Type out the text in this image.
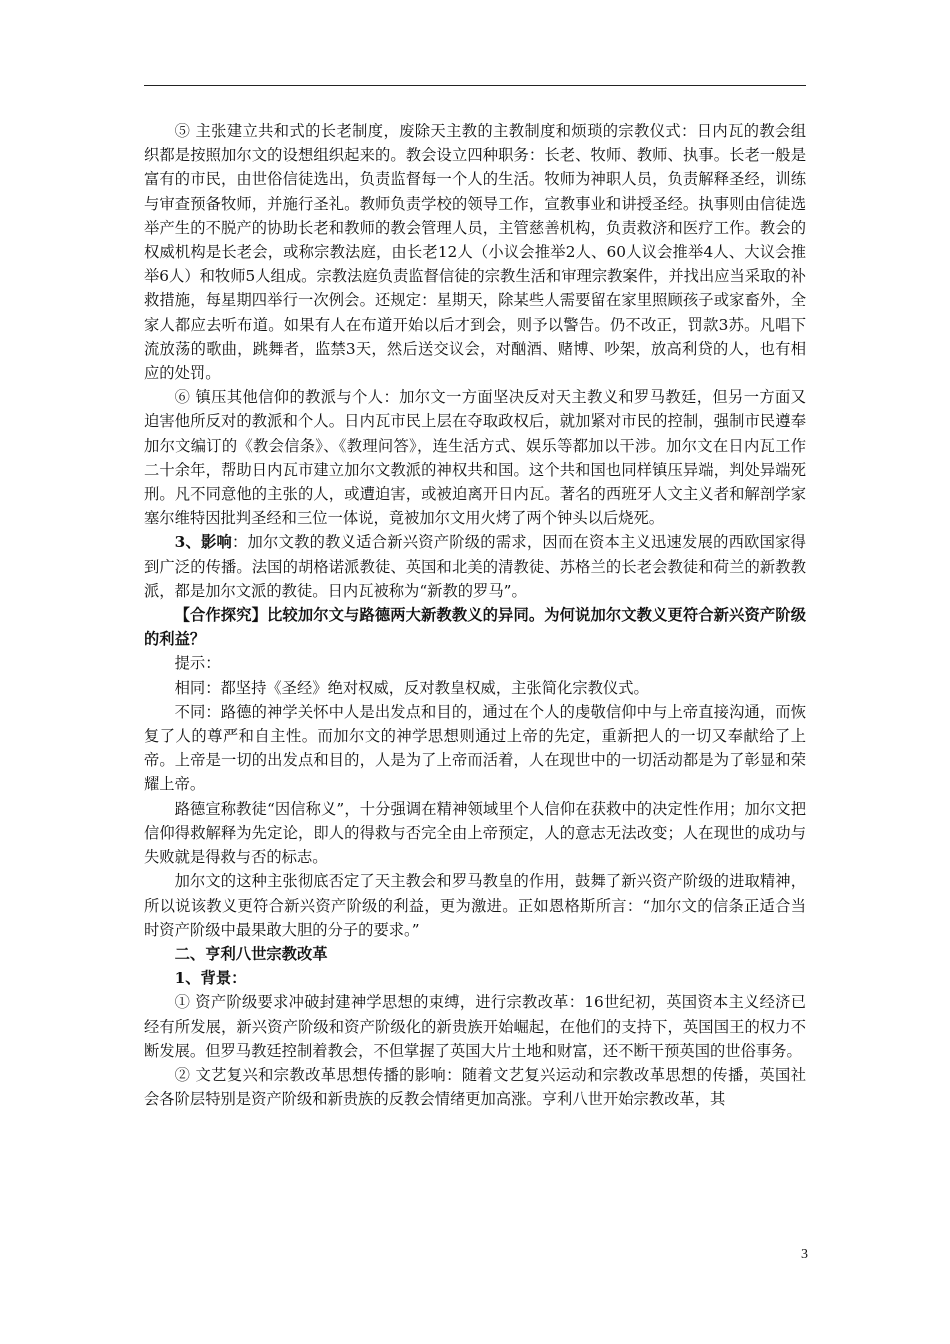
⑤ 主张建立共和式的长老制度，废除天主教的主教制度和烦琐的宗教仪式：日内瓦的教会组织都是按照加尔文的设想组织起来的。教会设立四种职务：长老、牧师、教师、执事。长老一般是富有的市民，由世俗信徒选出，负责监督每一个人的生活。牧师为神职人员，负责解释圣经，训练与审查预备牧师，并施行圣礼。教师负责学校的领导工作，宣教事业和讲授圣经。执事则由信徒选举产生的不脱产的协助长老和教师的教会管理人员，主管慈善机构，负责救济和医疗工作。教会的权威机构是长老会，或称宗教法庭，由长老12人（小议会推举2人、60人议会推举4人、大议会推举6人）和牧师5人组成。宗教法庭负责监督信徒的宗教生活和审理宗教案件，并找出应当采取的补救措施，每星期四举行一次例会。还规定：星期天，除某些人需要留在家里照顾孩子或家畜外，全家人都应去听布道。如果有人在布道开始以后才到会，则予以警告。仍不改正，罚款3苏。凡唱下流放荡的歌曲，跳舞者，监禁3天，然后送交议会，对酗酒、赌博、吵架，放高利贷的人，也有相应的处罚。

⑥ 镇压其他信仰的教派与个人：加尔文一方面坚决反对天主教义和罗马教廷，但另一方面又迫害他所反对的教派和个人。日内瓦市民上层在夺取政权后，就加紧对市民的控制，强制市民遵奉加尔文编订的《教会信条》、《教理问答》，连生活方式、娱乐等都加以干涉。加尔文在日内瓦工作二十余年，帮助日内瓦市建立加尔文教派的神权共和国。这个共和国也同样镇压异端，判处异端死刑。凡不同意他的主张的人，或遭迫害，或被迫离开日内瓦。著名的西班牙人文主义者和解剖学家塞尔维特因批判圣经和三位一体说，竟被加尔文用火烤了两个钟头以后烧死。

3、影响：加尔文教的教义适合新兴资产阶级的需求，因而在资本主义迅速发展的西欧国家得到广泛的传播。法国的胡格诺派教徒、英国和北美的清教徒、苏格兰的长老会教徒和荷兰的新教教派，都是加尔文派的教徒。日内瓦被称为“新教的罗马”。

【合作探究】比较加尔文与路德两大新教教义的异同。为何说加尔文教义更符合新兴资产阶级的利益？

提示：

相同：都坚持《圣经》绝对权威，反对教皇权威，主张简化宗教仪式。

不同：路德的神学关怀中人是出发点和目的，通过在个人的虔敬信仰中与上帝直接沟通，而恢复了人的尊严和自主性。而加尔文的神学思想则通过上帝的先定，重新把人的一切又奉献给了上帝。上帝是一切的出发点和目的，人是为了上帝而活着，人在现世中的一切活动都是为了彰显和荣耀上帝。

路德宣称教徒“因信称义”，十分强调在精神领域里个人信仰在获救中的决定性作用；加尔文把信仰得救解释为先定论，即人的得救与否完全由上帝预定，人的意志无法改变；人在现世的成功与失败就是得救与否的标志。

加尔文的这种主张彻底否定了天主教会和罗马教皇的作用，鼓舞了新兴资产阶级的进取精神，所以说该教义更符合新兴资产阶级的利益，更为激进。正如恩格斯所言：“加尔文的信条正适合当时资产阶级中最果敢大胆的分子的要求。”

二、亨利八世宗教改革

1、背景：

① 资产阶级要求冲破封建神学思想的束缚，进行宗教改革：16世纪初，英国资本主义经济已经有所发展，新兴资产阶级和资产阶级化的新贵族开始崛起，在他们的支持下，英国国王的权力不断发展。但罗马教廷控制着教会，不但掌握了英国大片土地和财富，还不断干预英国的世俗事务。

② 文艺复兴和宗教改革思想传播的影响：随着文艺复兴运动和宗教改革思想的传播，英国社会各阶层特别是资产阶级和新贵族的反教会情绪更加高涨。亨利八世开始宗教改革，其

3
